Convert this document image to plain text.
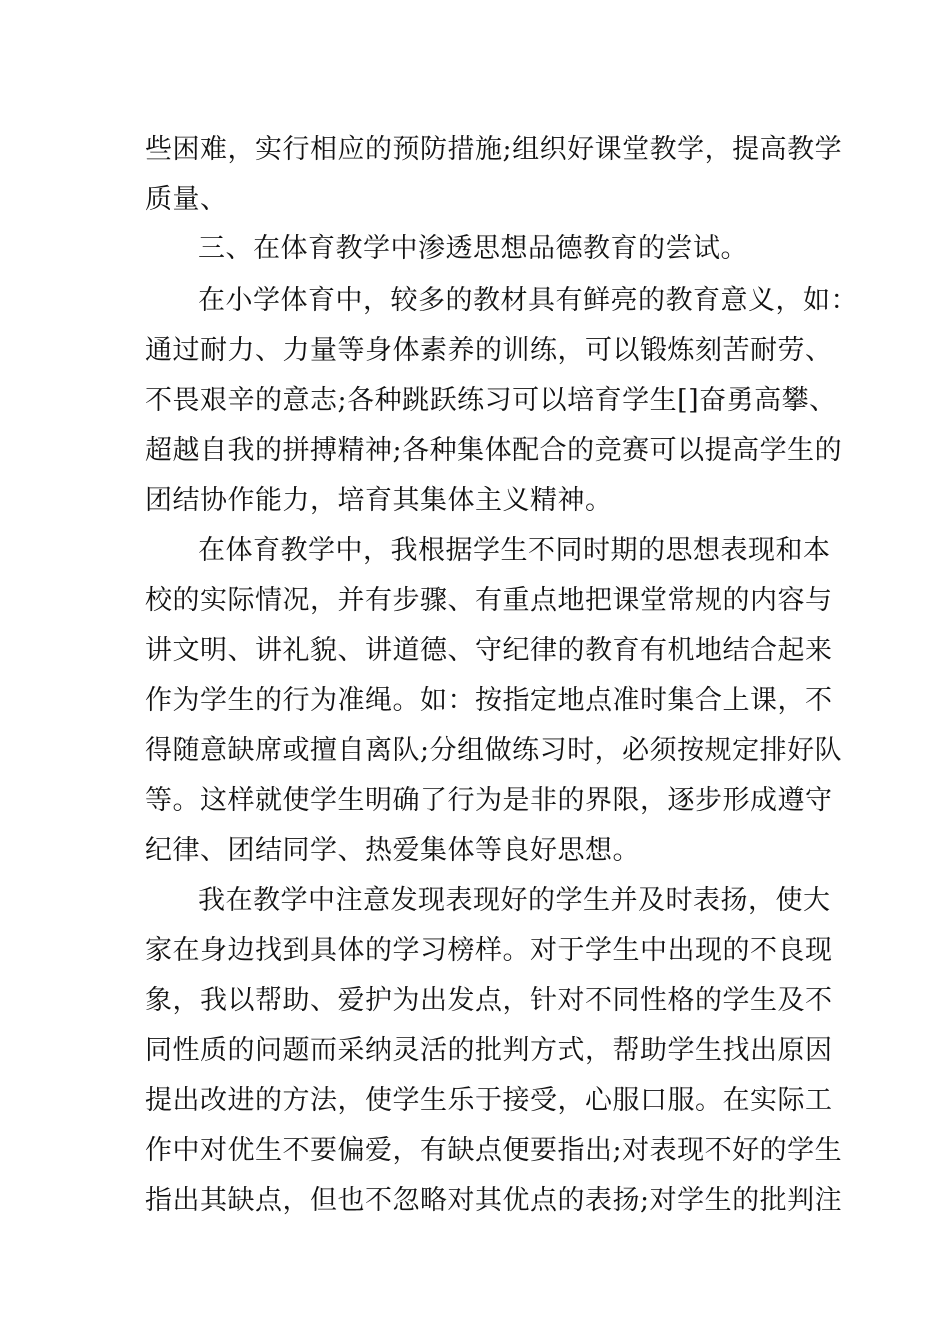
些困难，实行相应的预防措施;组织好课堂教学，提高教学

质量、

三、在体育教学中渗透思想品德教育的尝试。

在小学体育中，较多的教材具有鲜亮的教育意义，如：

通过耐力、力量等身体素养的训练，可以锻炼刻苦耐劳、

不畏艰辛的意志;各种跳跃练习可以培育学生[]奋勇高攀、

超越自我的拼搏精神;各种集体配合的竞赛可以提高学生的

团结协作能力，培育其集体主义精神。

在体育教学中，我根据学生不同时期的思想表现和本

校的实际情况，并有步骤、有重点地把课堂常规的内容与

讲文明、讲礼貌、讲道德、守纪律的教育有机地结合起来

作为学生的行为准绳。如：按指定地点准时集合上课，不

得随意缺席或擅自离队;分组做练习时，必须按规定排好队

等。这样就使学生明确了行为是非的界限，逐步形成遵守

纪律、团结同学、热爱集体等良好思想。

我在教学中注意发现表现好的学生并及时表扬，使大

家在身边找到具体的学习榜样。对于学生中出现的不良现

象，我以帮助、爱护为出发点，针对不同性格的学生及不

同性质的问题而采纳灵活的批判方式，帮助学生找出原因

提出改进的方法，使学生乐于接受，心服口服。在实际工

作中对优生不要偏爱，有缺点便要指出;对表现不好的学生

指出其缺点，但也不忽略对其优点的表扬;对学生的批判注
